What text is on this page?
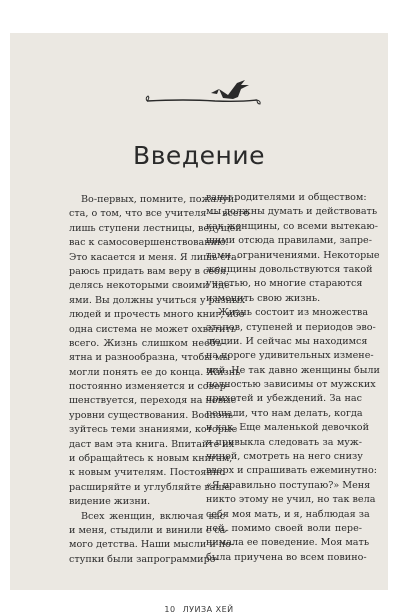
Введение
Во-первых, помните, пожалуй-
ста, о том, что все учителя — всего
лишь ступени лестницы, ведущей
вас к самосовершенствованию.
Это касается и меня. Я лишь ста-
раюсь придать вам веру в себя,
делясь некоторыми своими иде-
ями. Вы должны учиться у разных
людей и прочесть много книг, ибо
одна система не может охватить
всего. Жизнь слишком необъ-
ятна и разнообразна, чтобы мы
могли понять ее до конца. Жизнь
постоянно изменяется и совер-
шенствуется, переходя на новые
уровни существования. Восполь-
зуйтесь теми знаниями, которые
даст вам эта книга. Впитайте их
и обращайтесь к новым книгам,
к новым учителям. Постоянно
расширяйте и углубляйте ваше
видение жизни.
Всех женщин, включая вас
и меня, стыдили и винили с са-
мого детства. Наши мысли и по-
ступки были запрограммиро-
ваны родителями и обществом:
мы должны думать и действовать
как женщины, со всеми вытекаю-
щими отсюда правилами, запре-
тами, ограничениями. Некоторые
женщины довольствуются такой
участью, но многие стараются
изменить свою жизнь.
Жизнь состоит из множества
этапов, ступеней и периодов эво-
люции. И сейчас мы находимся
на пороге удивительных измене-
ний. Не так давно женщины были
полностью зависимы от мужских
прихотей и убеждений. За нас
решали, что нам делать, когда
и как. Еще маленькой девочкой
я привыкла следовать за муж-
чиной, смотреть на него снизу
вверх и спрашивать ежеминутно:
«Я правильно поступаю?» Меня
никто этому не учил, но так вела
себя моя мать, и я, наблюдая за
ней, помимо своей воли пере-
нимала ее поведение. Моя мать
была приучена во всем повино-
10 ЛУИЗА ХЕЙ
